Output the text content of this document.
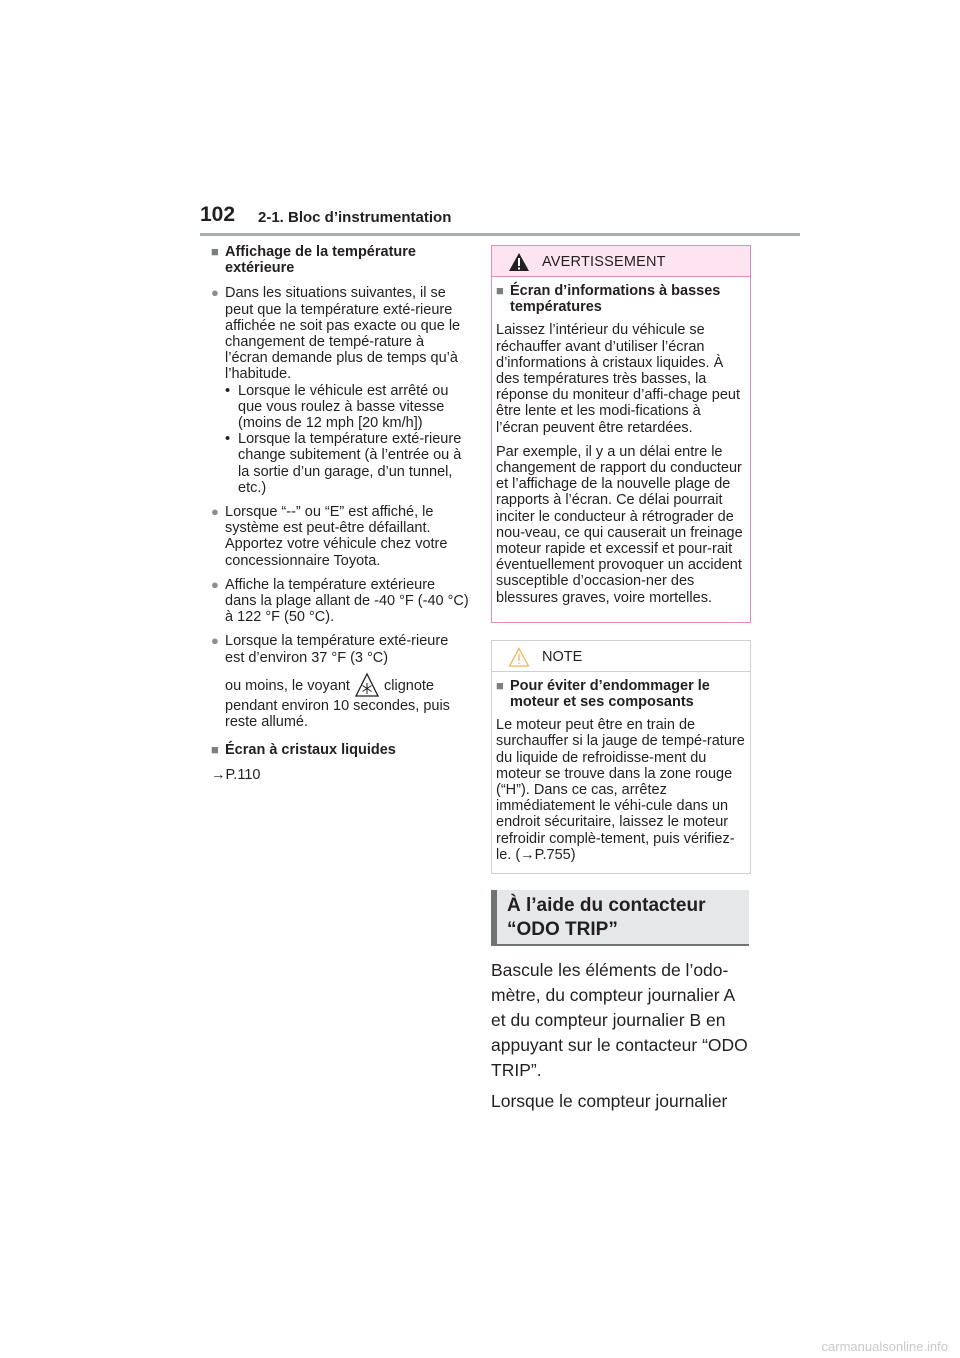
102 2-1. Bloc d’instrumentation
■ Affichage de la température extérieure
●
Dans les situations suivantes, il se peut que la température exté-rieure affichée ne soit pas exacte ou que le changement de tempé-rature à l’écran demande plus de temps qu’à l’habitude.
• Lorsque le véhicule est arrêté ou que vous roulez à basse vitesse (moins de 12 mph [20 km/h])
• Lorsque la température exté-rieure change subitement (à l’entrée ou à la sortie d’un garage, d’un tunnel, etc.)
●
Lorsque “--” ou “E” est affiché, le système est peut-être défaillant. Apportez votre véhicule chez votre concessionnaire Toyota.
●
Affiche la température extérieure dans la plage allant de -40 °F (-40 °C) à 122 °F (50 °C).
●
Lorsque la température exté-rieure est d’environ 37 °F (3 °C)
ou moins, le voyant clignote pendant environ 10 secondes, puis reste allumé.
■ Écran à cristaux liquides
→P.110
AVERTISSEMENT
■ Écran d’informations à basses températures

Laissez l’intérieur du véhicule se réchauffer avant d’utiliser l’écran d’informations à cristaux liquides. À des températures très basses, la réponse du moniteur d’affi-chage peut être lente et les modi-fications à l’écran peuvent être retardées.

Par exemple, il y a un délai entre le changement de rapport du conducteur et l’affichage de la nouvelle plage de rapports à l’écran. Ce délai pourrait inciter le conducteur à rétrograder de nou-veau, ce qui causerait un freinage moteur rapide et excessif et pour-rait éventuellement provoquer un accident susceptible d’occasion-ner des blessures graves, voire mortelles.

NOTE
■ Pour éviter d’endommager le moteur et ses composants

Le moteur peut être en train de surchauffer si la jauge de tempé-rature du liquide de refroidisse-ment du moteur se trouve dans la zone rouge (“H”). Dans ce cas, arrêtez immédiatement le véhi-cule dans un endroit sécuritaire, laissez le moteur refroidir complè-tement, puis vérifiez-le. (→P.755)

À l’aide du contacteur “ODO TRIP”

Bascule les éléments de l’odo-mètre, du compteur journalier A et du compteur journalier B en appuyant sur le contacteur “ODO TRIP”.

Lorsque le compteur journalier

carmanualsonline.info
